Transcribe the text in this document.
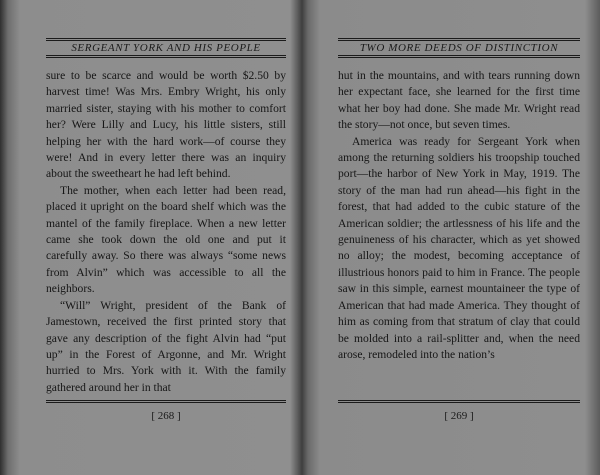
SERGEANT YORK AND HIS PEOPLE

sure to be scarce and would be worth $2.50 by harvest time! Was Mrs. Embry Wright, his only married sister, staying with his mother to comfort her? Were Lilly and Lucy, his little sisters, still helping her with the hard work—of course they were! And in every letter there was an inquiry about the sweetheart he had left behind.

The mother, when each letter had been read, placed it upright on the board shelf which was the mantel of the family fireplace. When a new letter came she took down the old one and put it carefully away. So there was always “some news from Alvin” which was accessible to all the neighbors.

“Will” Wright, president of the Bank of Jamestown, received the first printed story that gave any description of the fight Alvin had “put up” in the Forest of Argonne, and Mr. Wright hurried to Mrs. York with it. With the family gathered around her in that

[ 268 ]
TWO MORE DEEDS OF DISTINCTION

hut in the mountains, and with tears running down her expectant face, she learned for the first time what her boy had done. She made Mr. Wright read the story—not once, but seven times.

America was ready for Sergeant York when among the returning soldiers his troopship touched port—the harbor of New York in May, 1919. The story of the man had run ahead—his fight in the forest, that had added to the cubic stature of the American soldier; the artlessness of his life and the genuineness of his character, which as yet showed no alloy; the modest, becoming acceptance of illustrious honors paid to him in France. The people saw in this simple, earnest mountaineer the type of American that had made America. They thought of him as coming from that stratum of clay that could be molded into a rail-splitter and, when the need arose, remodeled into the nation’s

[ 269 ]
